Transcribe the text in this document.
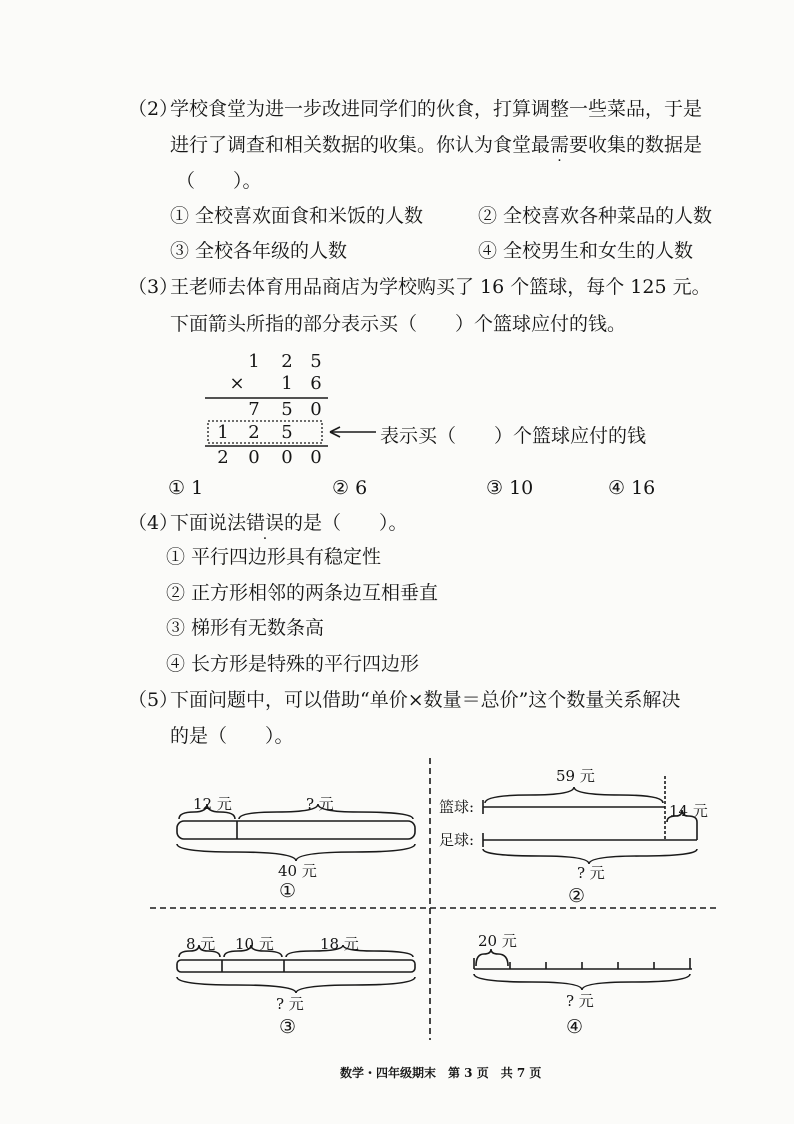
（2）
学校食堂为进一步改进同学们的伙食，打算调整一些菜品，于是
进行了调查和相关数据的收集。你认为食堂最需要收集的数据是
（　　）。
① 全校喜欢面食和米饭的人数	② 全校喜欢各种菜品的人数
③ 全校各年级的人数	④ 全校男生和女生的人数
（3）
王老师去体育用品商店为学校购买了 16 个篮球，每个 125 元。
下面箭头所指的部分表示买（　　）个篮球应付的钱。
1 2 5
× 1 6
7 5 0
1 2 5
2 0 0 0
表示买（　　）个篮球应付的钱
① 1	② 6	③ 10	④ 16
（4）
下面说法错误的是（　　）。
① 平行四边形具有稳定性
② 正方形相邻的两条边互相垂直
③ 梯形有无数条高
④ 长方形是特殊的平行四边形
（5）
下面问题中，可以借助“单价×数量＝总价”这个数量关系解决
的是（　　）。
12 元	? 元
40 元
①
59 元
篮球:
足球:
14 元
? 元
②
8 元 10 元	18 元
? 元
③
20 元
? 元
④
数学・四年级期末　第 3 页　共 7 页
